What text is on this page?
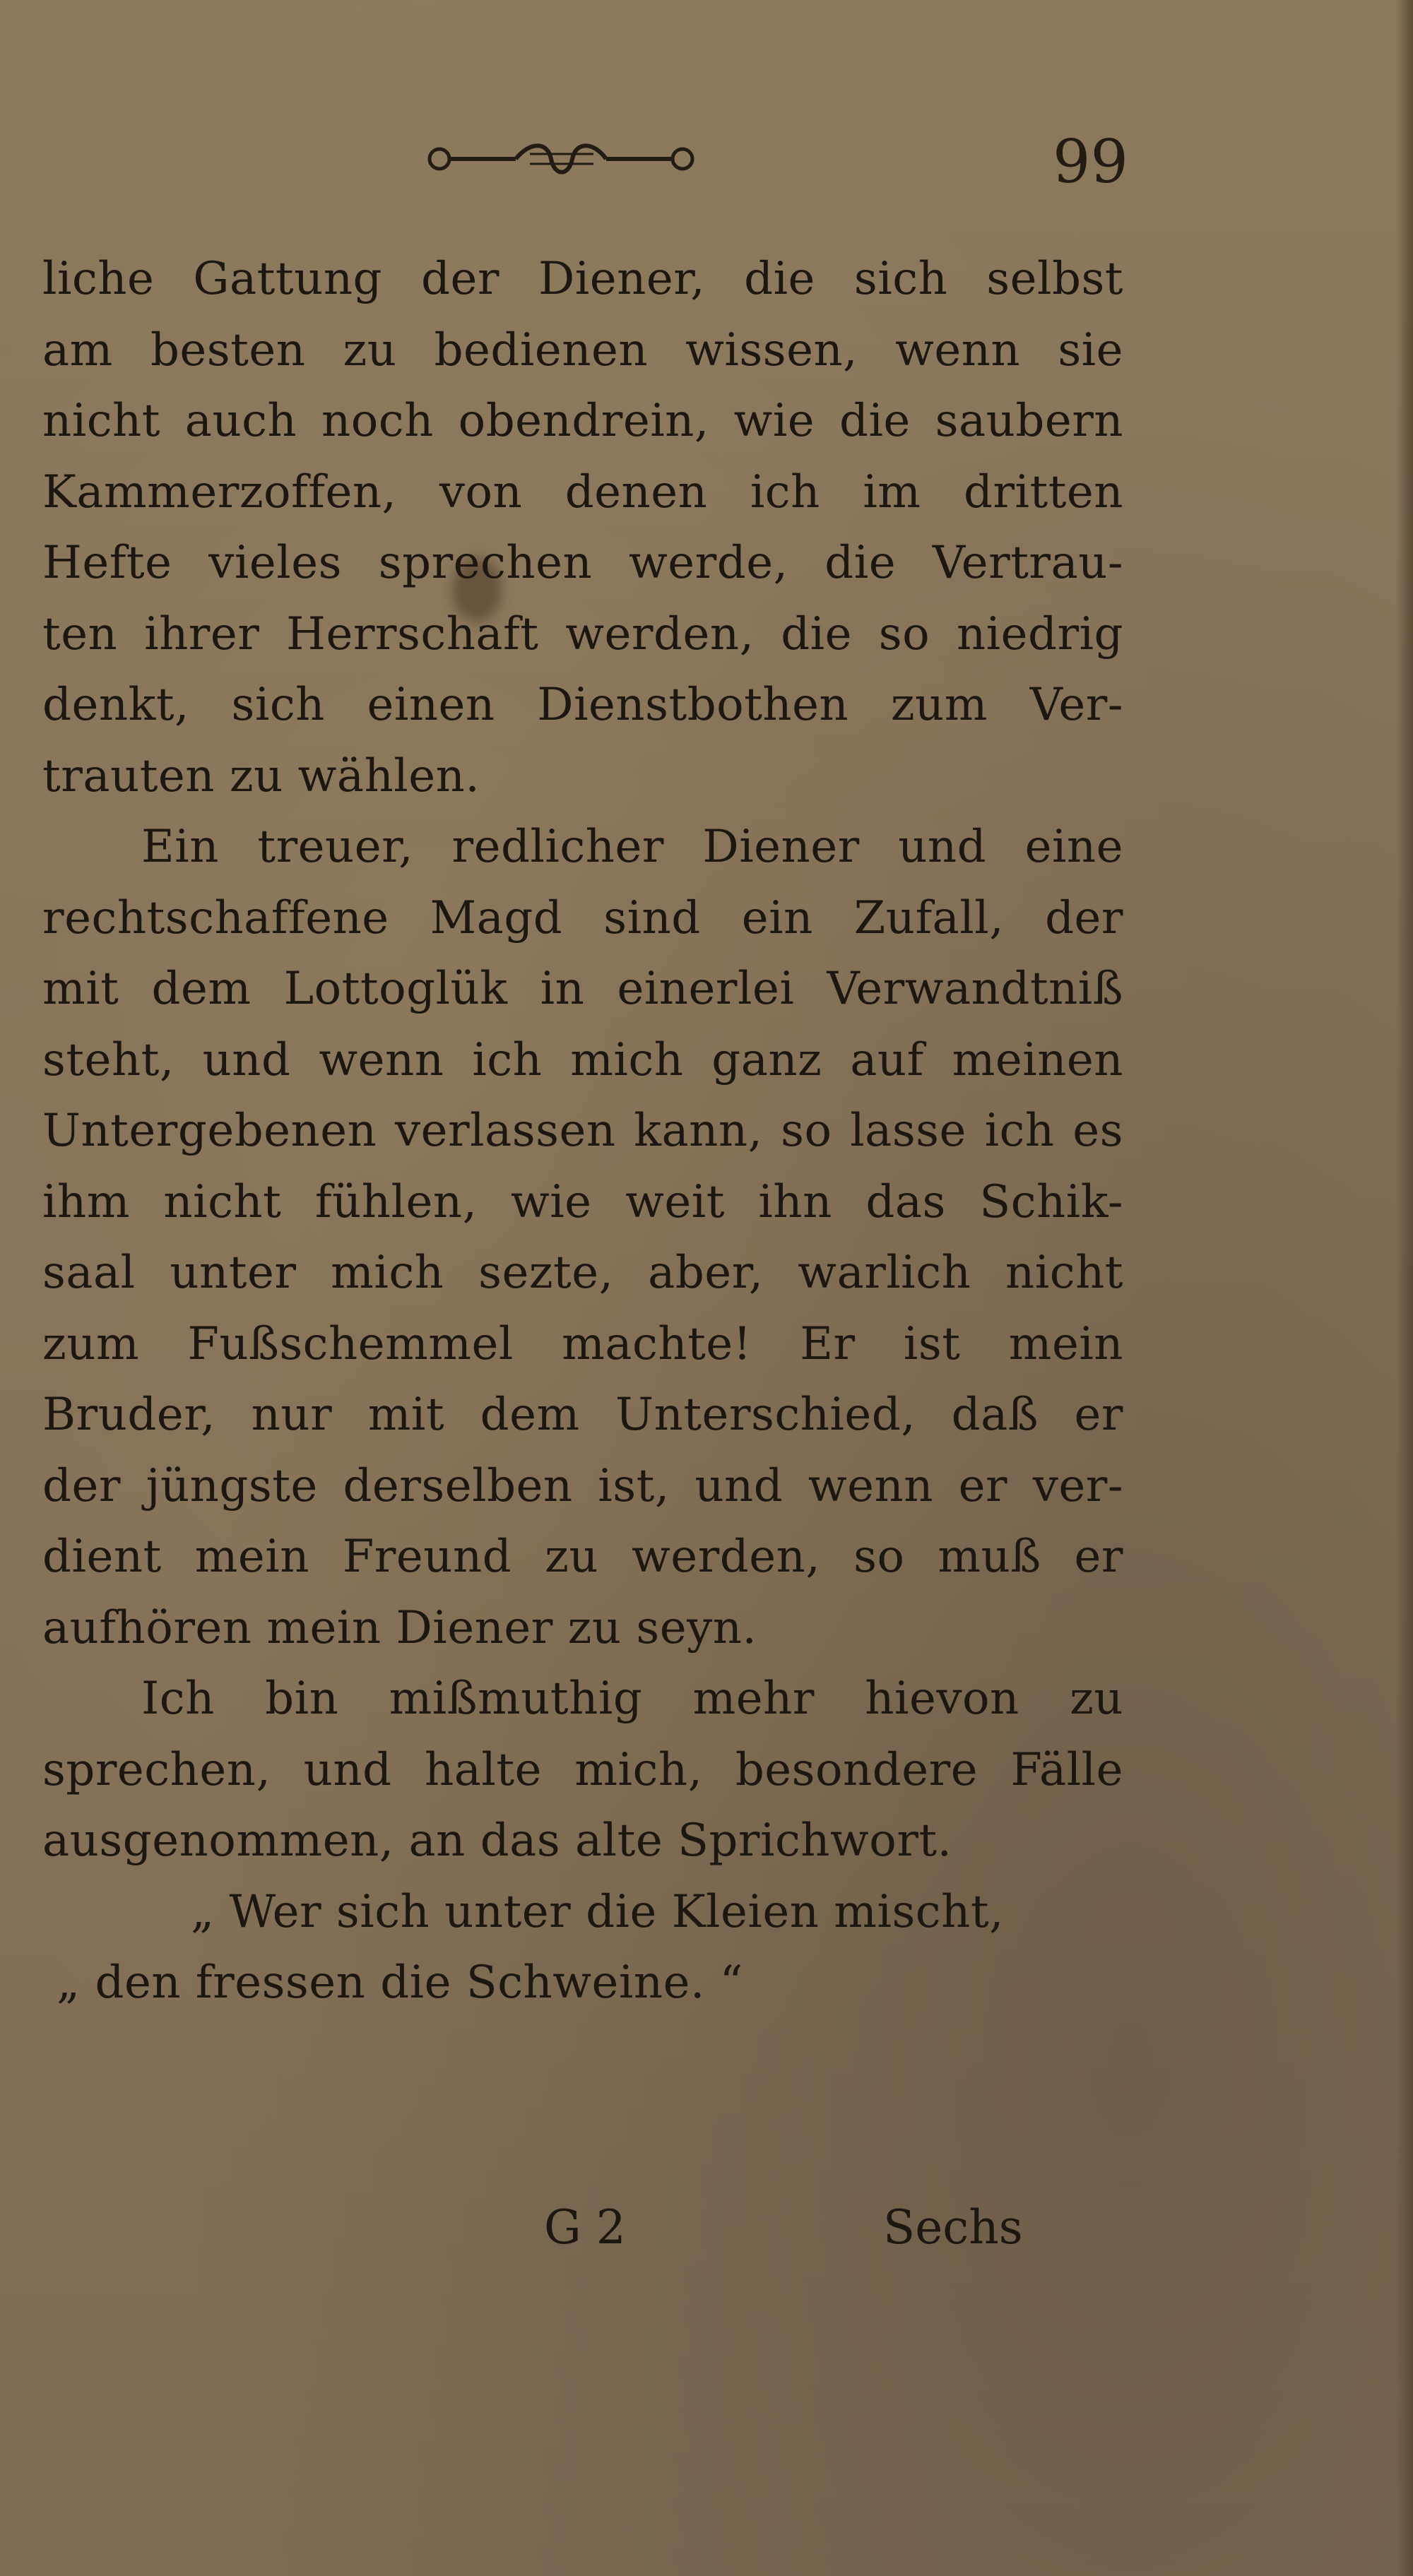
99
liche Gattung der Diener, die sich selbst
am besten zu bedienen wissen, wenn sie
nicht auch noch obendrein, wie die saubern
Kammerzoffen, von denen ich im dritten
Hefte vieles sprechen werde, die Vertrau-
ten ihrer Herrschaft werden, die so niedrig
denkt, sich einen Dienstbothen zum Ver-
trauten zu wählen.
Ein treuer, redlicher Diener und eine
rechtschaffene Magd sind ein Zufall, der
mit dem Lottoglük in einerlei Verwandtniß
steht, und wenn ich mich ganz auf meinen
Untergebenen verlassen kann, so lasse ich es
ihm nicht fühlen, wie weit ihn das Schik-
saal unter mich sezte, aber, warlich nicht
zum Fußschemmel machte! Er ist mein
Bruder, nur mit dem Unterschied, daß er
der jüngste derselben ist, und wenn er ver-
dient mein Freund zu werden, so muß er
aufhören mein Diener zu seyn.
Ich bin mißmuthig mehr hievon zu
sprechen, und halte mich, besondere Fälle
ausgenommen, an das alte Sprichwort.
„ Wer sich unter die Kleien mischt,
„ den fressen die Schweine. “
G 2	Sechs
